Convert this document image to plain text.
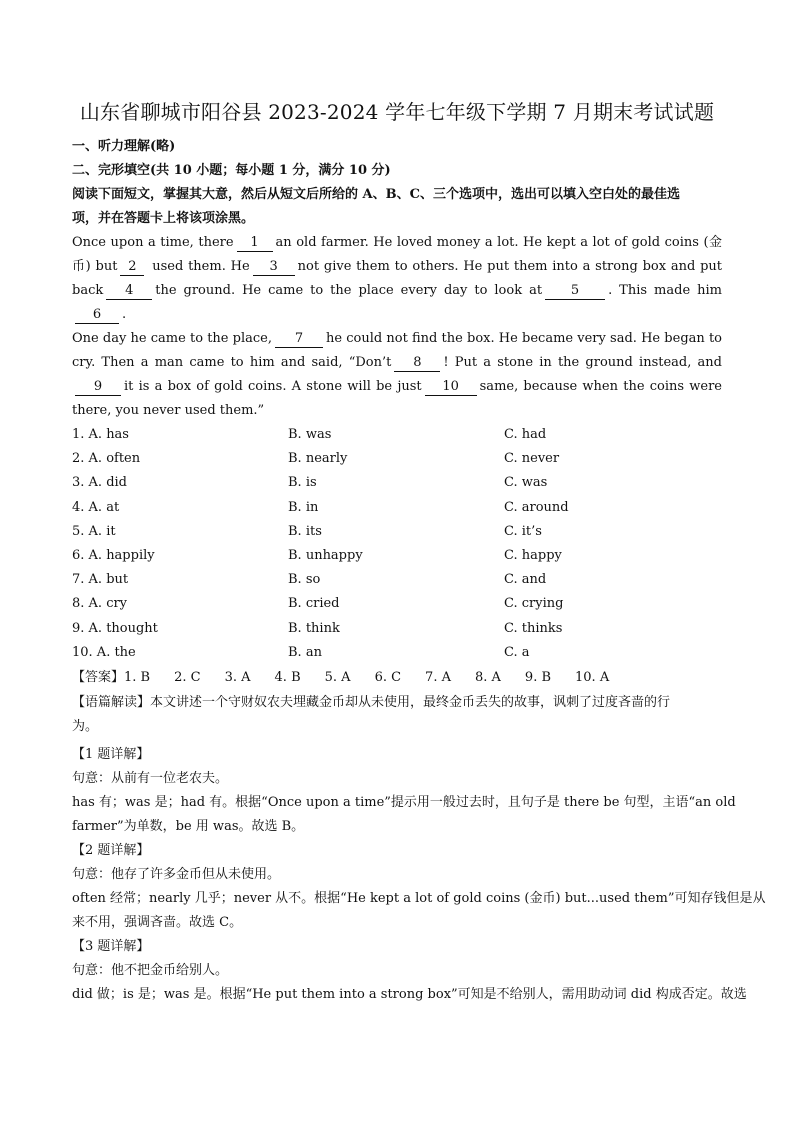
山东省聊城市阳谷县 2023-2024 学年七年级下学期 7 月期末考试试题
一、听力理解(略)
二、完形填空(共 10 小题；每小题 1 分，满分 10 分)
阅读下面短文，掌握其大意，然后从短文后所给的 A、B、C、三个选项中，选出可以填入空白处的最佳选
项，并在答题卡上将该项涂黑。
Once upon a time, there 1 an old farmer. He loved money a lot. He kept a lot of gold coins (金币) but 2 used them. He 3 not give them to others. He put them into a strong box and put back 4 the ground. He came to the place every day to look at 5 . This made him6 .
One day he came to the place, 7 he could not find the box. He became very sad. He began to cry. Then a man came to him and said, “Don’t 8 ! Put a stone in the ground instead, and9 it is a box of gold coins. A stone will be just 10 same, because when the coins were there, you never used them.”
1. A. has	B. was	C. had
2. A. often	B. nearly	C. never
3. A. did	B. is	C. was
4. A. at	B. in	C. around
5. A. it	B. its	C. it’s
6. A. happily	B. unhappy	C. happy
7. A. but	B. so	C. and
8. A. cry	B. cried	C. crying
9. A. thought	B. think	C. thinks
10. A. the	B. an	C. a
【答案】1. B 2. C 3. A 4. B 5. A 6. C 7. A 8. A 9. B 10. A
【语篇解读】本文讲述一个守财奴农夫埋藏金币却从未使用，最终金币丢失的故事，讽刺了过度吝啬的行
为。
【1 题详解】
句意：从前有一位老农夫。
has 有；was 是；had 有。根据“Once upon a time”提示用一般过去时，且句子是 there be 句型，主语“an old
farmer”为单数，be 用 was。故选 B。
【2 题详解】
句意：他存了许多金币但从未使用。
often 经常；nearly 几乎；never 从不。根据“He kept a lot of gold coins (金币) but...used them”可知存钱但是从
来不用，强调吝啬。故选 C。
【3 题详解】
句意：他不把金币给别人。
did 做；is 是；was 是。根据“He put them into a strong box”可知是不给别人，需用助动词 did 构成否定。故选
